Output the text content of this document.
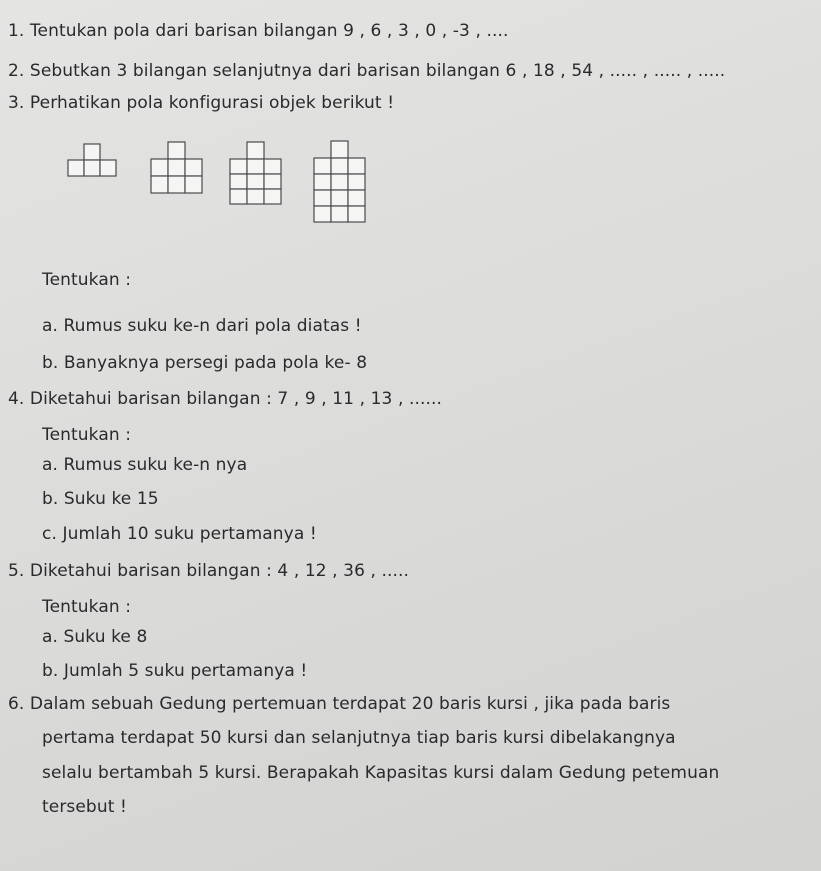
1. Tentukan pola dari barisan bilangan 9 , 6 , 3 , 0 , -3 , ....
2. Sebutkan 3 bilangan selanjutnya dari barisan bilangan 6 , 18 , 54 , ..... , ..... , .....
3. Perhatikan pola konfigurasi objek berikut !
Tentukan :
a. Rumus suku ke-n dari pola diatas !
b. Banyaknya persegi pada pola ke- 8
4. Diketahui barisan bilangan : 7 , 9 , 11 , 13 , ......
Tentukan :
a. Rumus suku ke-n nya
b. Suku ke 15
c. Jumlah 10 suku pertamanya !
5. Diketahui barisan bilangan : 4 , 12 , 36 , .....
Tentukan :
a. Suku ke 8
b. Jumlah 5 suku pertamanya !
6. Dalam sebuah Gedung pertemuan terdapat 20 baris kursi , jika pada baris
pertama terdapat 50 kursi dan selanjutnya tiap baris kursi dibelakangnya
selalu bertambah 5 kursi. Berapakah Kapasitas kursi dalam Gedung petemuan
tersebut !
